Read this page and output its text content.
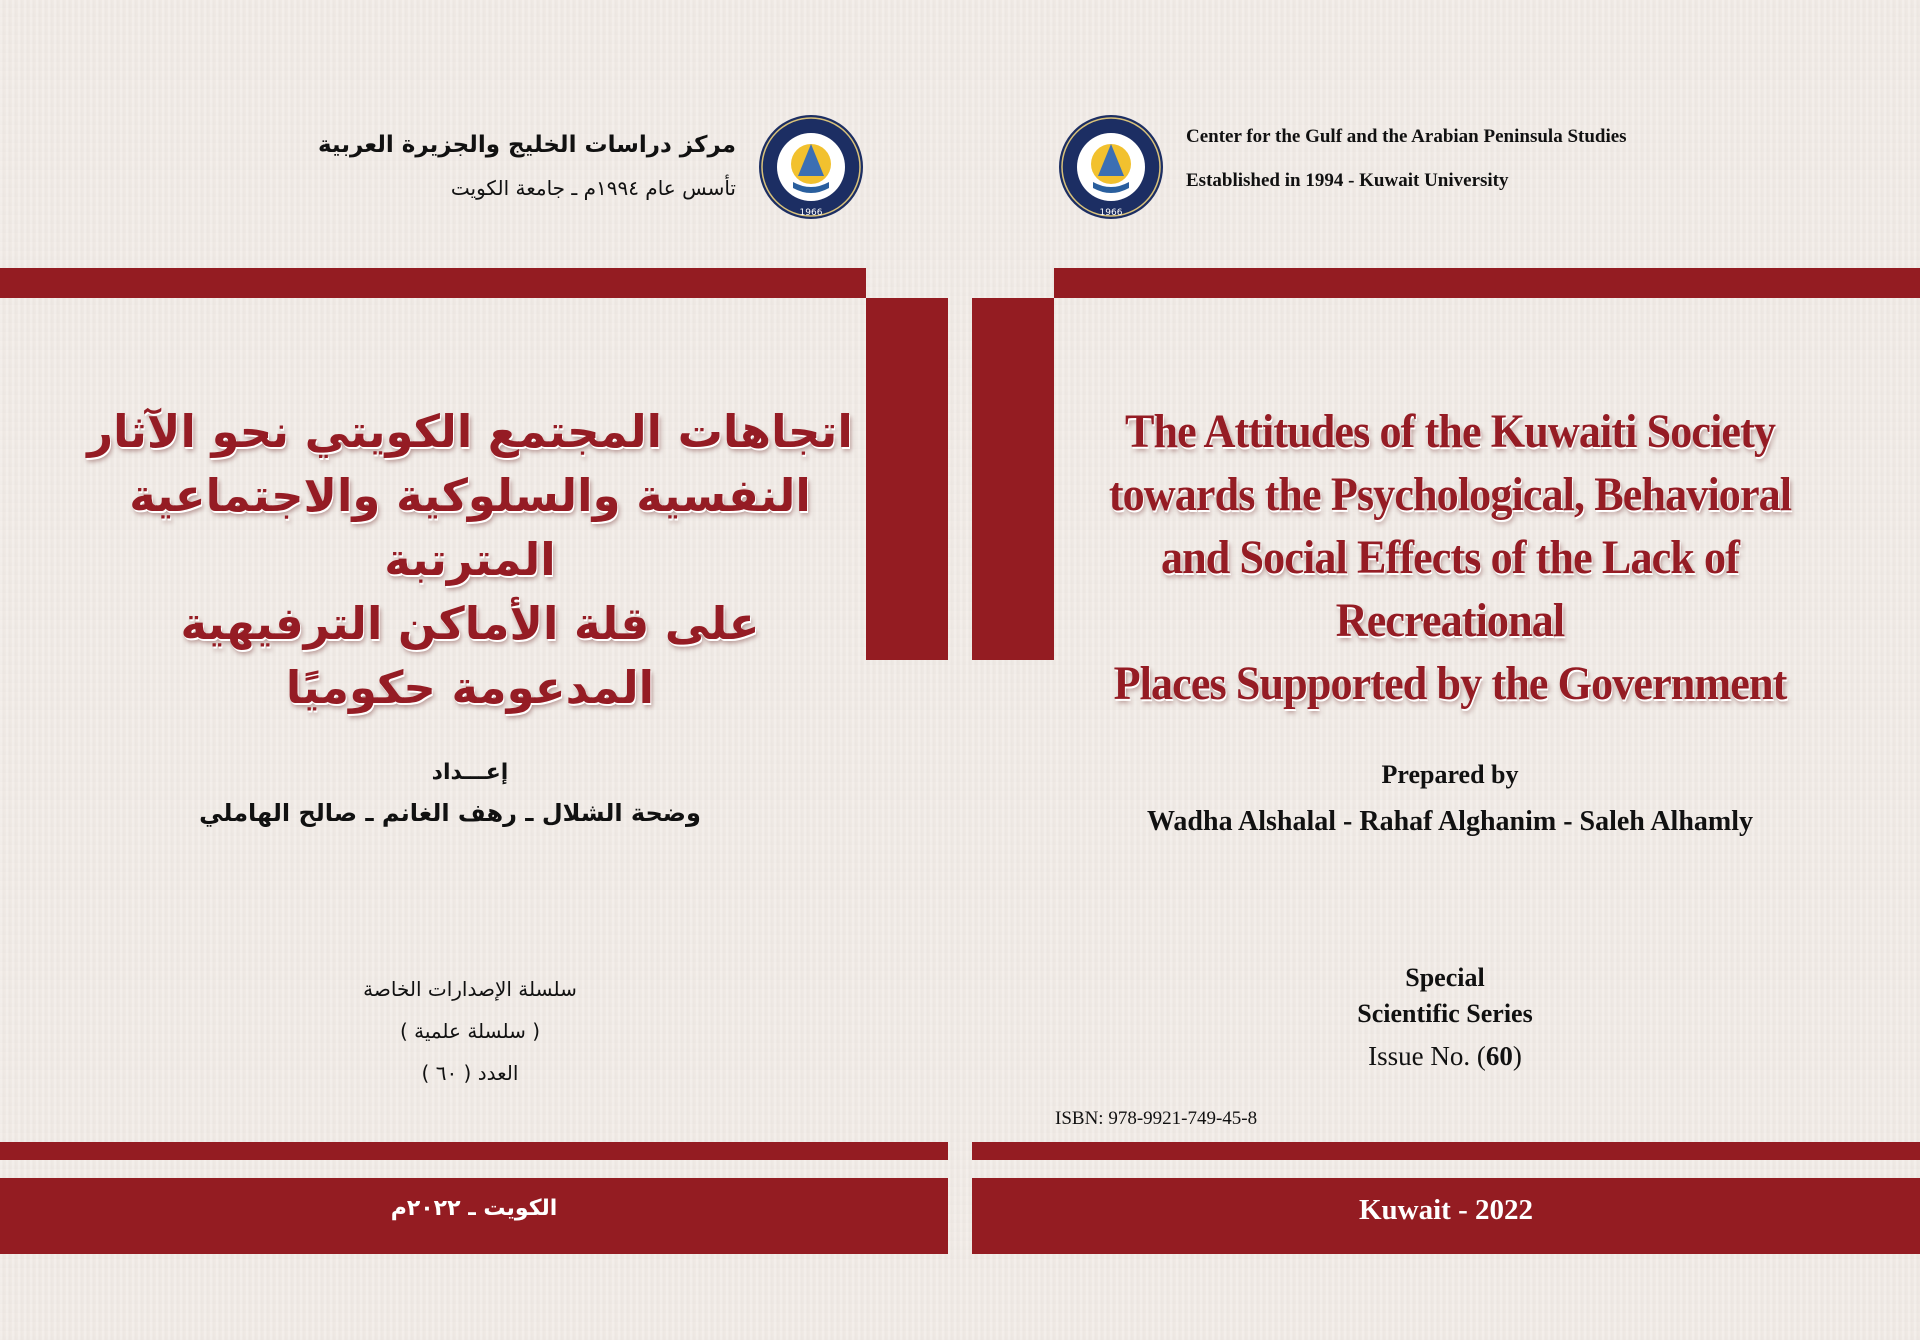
1966	1966
Center for the Gulf and the Arabian Peninsula Studies
Established in 1994 - Kuwait University
مركز دراسات الخليج والجزيرة العربية
تأسس عام ١٩٩٤م ـ جامعة الكويت
The Attitudes of the Kuwaiti Society
towards the Psychological, Behavioral
and Social Effects of the Lack of Recreational
Places Supported by the Government
اتجاهات المجتمع الكويتي نحو الآثار
النفسية والسلوكية والاجتماعية المترتبة
على قلة الأماكن الترفيهية المدعومة حكوميًا
Prepared by
Wadha Alshalal - Rahaf Alghanim - Saleh Alhamly
إعـــداد
وضحة الشلال ـ رهف الغانم ـ صالح الهاملي
Special
Scientific Series
Issue No. (60)
سلسلة الإصدارات الخاصة
( سلسلة علمية )
العدد ( ٦٠ )
ISBN: 978-9921-749-45-8
Kuwait - 2022
الكويت ـ ٢٠٢٢م
